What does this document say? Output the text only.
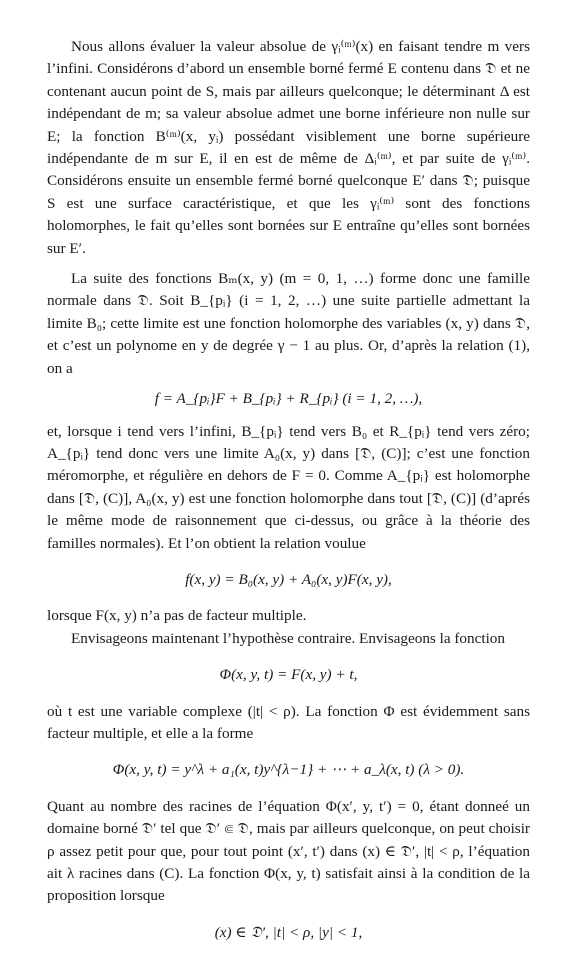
Nous allons évaluer la valeur absolue de γᵢ⁽ᵐ⁾(x) en faisant tendre m vers l’infini. Considérons d’abord un ensemble borné fermé E contenu dans 𝔇 et ne contenant aucun point de S, mais par ailleurs quelconque; le déterminant Δ est indépendant de m; sa valeur absolue admet une borne inférieure non nulle sur E; la fonction B⁽ᵐ⁾(x, yᵢ) possédant visiblement une borne supérieure indépendante de m sur E, il en est de même de Δᵢ⁽ᵐ⁾, et par suite de γᵢ⁽ᵐ⁾. Considérons ensuite un ensemble fermé borné quelconque E′ dans 𝔇; puisque S est une surface caractéristique, et que les γᵢ⁽ᵐ⁾ sont des fonctions holomorphes, le fait qu’elles sont bornées sur E entraîne qu’elles sont bornées sur E′.

La suite des fonctions Bₘ(x, y) (m = 0, 1, …) forme donc une famille normale dans 𝔇. Soit B_{pᵢ} (i = 1, 2, …) une suite partielle admettant la limite B₀; cette limite est une fonction holomorphe des variables (x, y) dans 𝔇, et c’est un polynome en y de degrée γ − 1 au plus. Or, d’après la relation (1), on a

f = A_{pᵢ}F + B_{pᵢ} + R_{pᵢ} (i = 1, 2, …),

et, lorsque i tend vers l’infini, B_{pᵢ} tend vers B₀ et R_{pᵢ} tend vers zéro; A_{pᵢ} tend donc vers une limite A₀(x, y) dans [𝔇, (C)]; c’est une fonction méromorphe, et régulière en dehors de F = 0. Comme A_{pᵢ} est holomorphe dans [𝔇, (C)], A₀(x, y) est une fonction holomorphe dans tout [𝔇, (C)] (d’aprés le même mode de raisonnement que ci-dessus, ou grâce à la théorie des familles normales). Et l’on obtient la relation voulue

f(x, y) = B₀(x, y) + A₀(x, y)F(x, y),

lorsque F(x, y) n’a pas de facteur multiple.

Envisageons maintenant l’hypothèse contraire. Envisageons la fonction

Φ(x, y, t) = F(x, y) + t,

où t est une variable complexe (|t| < ρ). La fonction Φ est évidemment sans facteur multiple, et elle a la forme

Φ(x, y, t) = y^λ + a₁(x, t)y^{λ−1} + ⋯ + a_λ(x, t) (λ > 0).

Quant au nombre des racines de l’équation Φ(x′, y, t′) = 0, étant donneé un domaine borné 𝔇′ tel que 𝔇′ ⋐ 𝔇, mais par ailleurs quelconque, on peut choisir ρ assez petit pour que, pour tout point (x′, t′) dans (x) ∈ 𝔇′, |t| < ρ, l’équation ait λ racines dans (C). La fonction Φ(x, y, t) satisfait ainsi à la condition de la proposition lorsque

(x) ∈ 𝔇′, |t| < ρ, |y| < 1,
